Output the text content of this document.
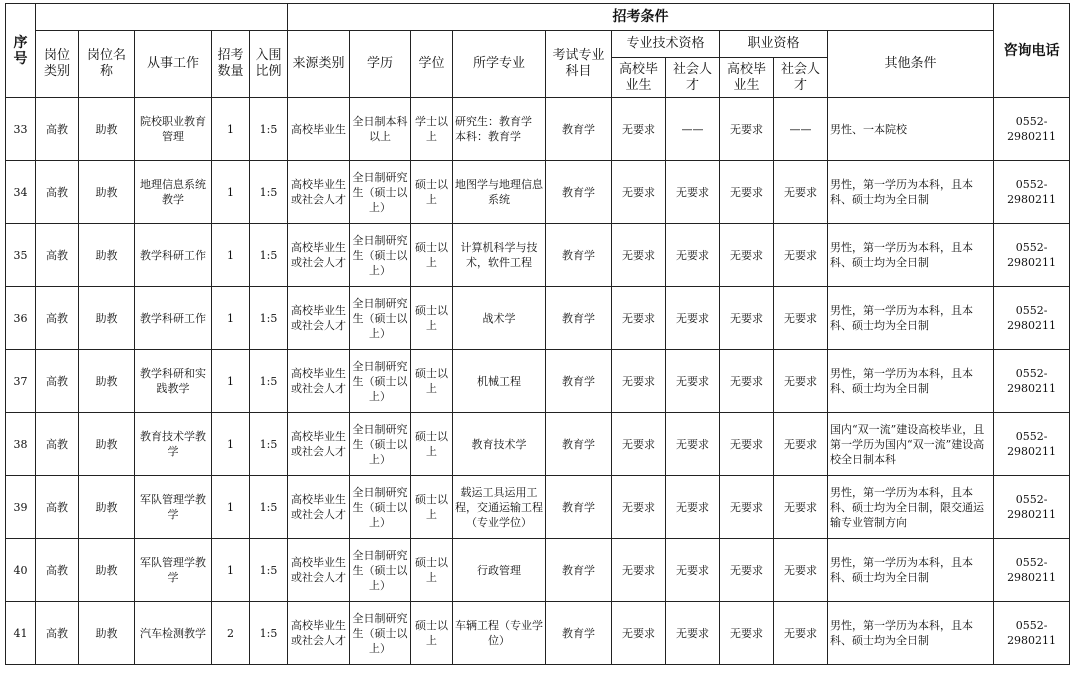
序号						招考条件										咨询电话
	岗位类别	岗位名称	从事工作	招考数量	入围比例	来源类别	学历	学位	所学专业	考试专业科目	专业技术资格		职业资格		其他条件	
											高校毕业生	社会人才	高校毕业生	社会人才		
33	高教	助教	院校职业教育管理	1	1:5	高校毕业生	全日制本科以上	学士以上	研究生：教育学
本科：教育学	教育学	无要求	——	无要求	——	男性、一本院校	0552-2980211
34	高教	助教	地理信息系统教学	1	1:5	高校毕业生或社会人才	全日制研究生（硕士以上）	硕士以上	地图学与地理信息系统	教育学	无要求	无要求	无要求	无要求	男性，第一学历为本科，且本科、硕士均为全日制	0552-2980211
35	高教	助教	教学科研工作	1	1:5	高校毕业生或社会人才	全日制研究生（硕士以上）	硕士以上	计算机科学与技术，软件工程	教育学	无要求	无要求	无要求	无要求	男性，第一学历为本科，且本科、硕士均为全日制	0552-2980211
36	高教	助教	教学科研工作	1	1:5	高校毕业生或社会人才	全日制研究生（硕士以上）	硕士以上	战术学	教育学	无要求	无要求	无要求	无要求	男性，第一学历为本科，且本科、硕士均为全日制	0552-2980211
37	高教	助教	教学科研和实践教学	1	1:5	高校毕业生或社会人才	全日制研究生（硕士以上）	硕士以上	机械工程	教育学	无要求	无要求	无要求	无要求	男性，第一学历为本科，且本科、硕士均为全日制	0552-2980211
38	高教	助教	教育技术学教学	1	1:5	高校毕业生或社会人才	全日制研究生（硕士以上）	硕士以上	教育技术学	教育学	无要求	无要求	无要求	无要求	国内“双一流”建设高校毕业，且第一学历为国内“双一流”建设高校全日制本科	0552-2980211
39	高教	助教	军队管理学教学	1	1:5	高校毕业生或社会人才	全日制研究生（硕士以上）	硕士以上	载运工具运用工程，交通运输工程（专业学位）	教育学	无要求	无要求	无要求	无要求	男性，第一学历为本科，且本科、硕士均为全日制，限交通运输专业管制方向	0552-2980211
40	高教	助教	军队管理学教学	1	1:5	高校毕业生或社会人才	全日制研究生（硕士以上）	硕士以上	行政管理	教育学	无要求	无要求	无要求	无要求	男性，第一学历为本科，且本科、硕士均为全日制	0552-2980211
41	高教	助教	汽车检测教学	2	1:5	高校毕业生或社会人才	全日制研究生（硕士以上）	硕士以上	车辆工程（专业学位）	教育学	无要求	无要求	无要求	无要求	男性，第一学历为本科，且本科、硕士均为全日制	0552-2980211
